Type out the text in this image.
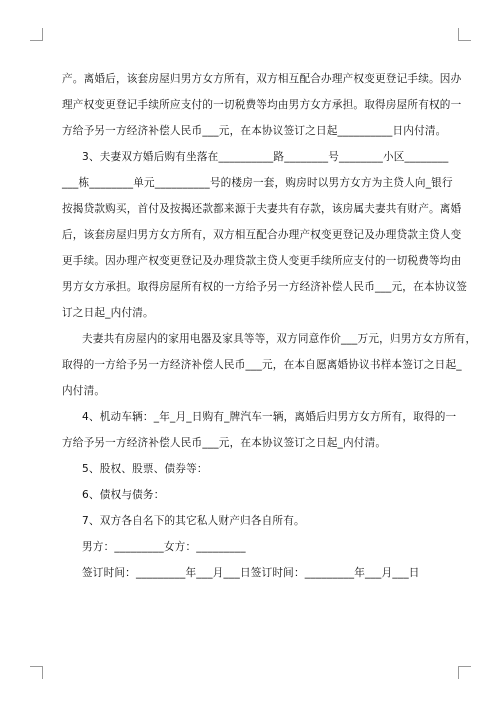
产。离婚后，该套房屋归男方女方所有，双方相互配合办理产权变更登记手续。因办
理产权变更登记手续所应支付的一切税费等均由男方女方承担。取得房屋所有权的一
方给予另一方经济补偿人民币___元，在本协议签订之日起__________日内付清。
3、夫妻双方婚后购有坐落在__________路________号________小区________
___栋________单元__________号的楼房一套，购房时以男方女方为主贷人向_银行
按揭贷款购买，首付及按揭还款都来源于夫妻共有存款，该房属夫妻共有财产。离婚
后，该套房屋归男方女方所有，双方相互配合办理产权变更登记及办理贷款主贷人变
更手续。因办理产权变更登记及办理贷款主贷人变更手续所应支付的一切税费等均由
男方女方承担。取得房屋所有权的一方给予另一方经济补偿人民币___元，在本协议签
订之日起_内付清。
夫妻共有房屋内的家用电器及家具等等，双方同意作价___万元，归男方女方所有，
取得的一方给予另一方经济补偿人民币___元，在本自愿离婚协议书样本签订之日起_
内付清。
4、机动车辆：_年_月_日购有_牌汽车一辆，离婚后归男方女方所有，取得的一
方给予另一方经济补偿人民币___元，在本协议签订之日起_内付清。
5、股权、股票、债券等：
6、债权与债务：
7、双方各自名下的其它私人财产归各自所有。
男方：_________女方：_________
签订时间：_________年___月___日签订时间：_________年___月___日
